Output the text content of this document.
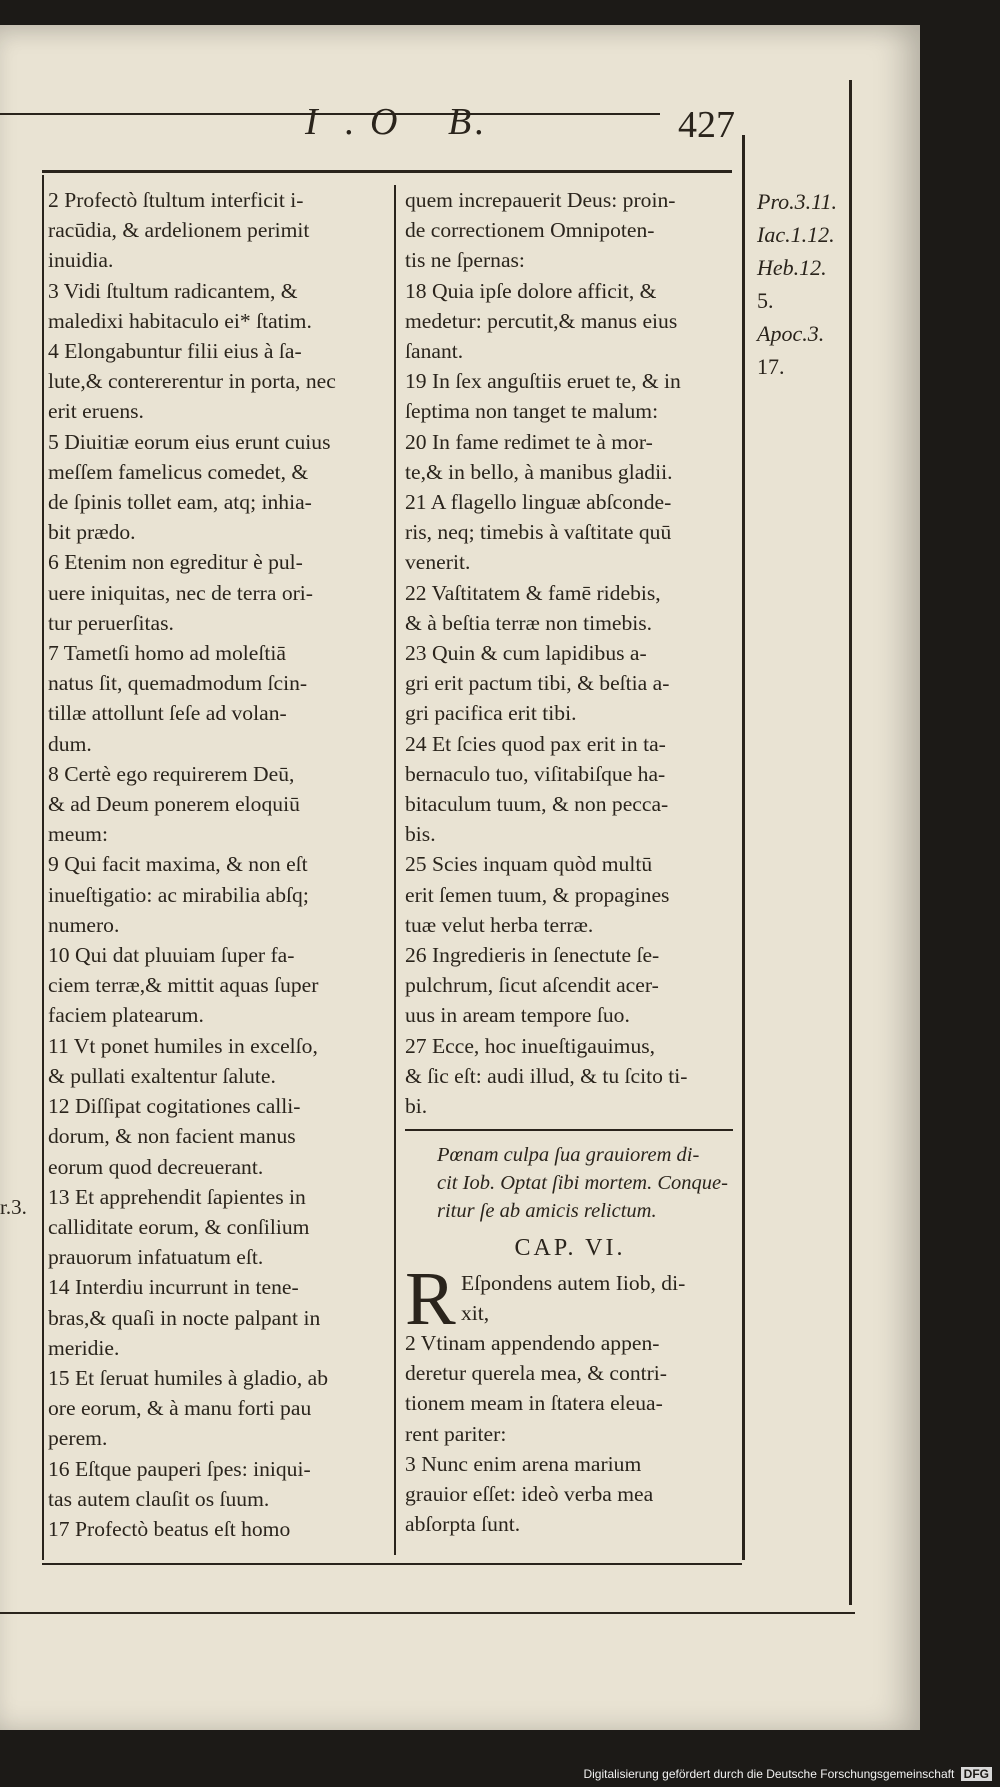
I . O B .	427
r.3.

2 Profectò ſtultum interficit i-

racūdia, & ardelionem perimit

inuidia.

3 Vidi ſtultum radicantem, &

maledixi habitaculo ei* ſtatim.

4 Elongabuntur filii eius à ſa-

lute,& contererentur in porta, nec

erit eruens.

5 Diuitiæ eorum eius erunt cuius

meſſem famelicus comedet, &

de ſpinis tollet eam, atq; inhia-

bit prædo.

6 Etenim non egreditur è pul-

uere iniquitas, nec de terra ori-

tur peruerſitas.

7 Tametſi homo ad moleſtiā

natus ſit, quemadmodum ſcin-

tillæ attollunt ſeſe ad volan-

dum.

8 Certè ego requirerem Deū,

& ad Deum ponerem eloquiū

meum:

9 Qui facit maxima, & non eſt

inueſtigatio: ac mirabilia abſq;

numero.

10 Qui dat pluuiam ſuper fa-

ciem terræ,& mittit aquas ſuper

faciem platearum.

11 Vt ponet humiles in excelſo,

& pullati exaltentur ſalute.

12 Diſſipat cogitationes calli-

dorum, & non facient manus

eorum quod decreuerant.

13 Et apprehendit ſapientes in

calliditate eorum, & conſilium

prauorum infatuatum eſt.

14 Interdiu incurrunt in tene-

bras,& quaſi in nocte palpant in

meridie.

15 Et ſeruat humiles à gladio, ab

ore eorum, & à manu forti pau

perem.

16 Eſtque pauperi ſpes: iniqui-

tas autem clauſit os ſuum.

17 Profectò beatus eſt homo

quem increpauerit Deus: proin-

de correctionem Omnipoten-

tis ne ſpernas:

18 Quia ipſe dolore afficit, &

medetur: percutit,& manus eius

ſanant.

19 In ſex anguſtiis eruet te, & in

ſeptima non tanget te malum:

20 In fame redimet te à mor-

te,& in bello, à manibus gladii.

21 A flagello linguæ abſconde-

ris, neq; timebis à vaſtitate quū

venerit.

22 Vaſtitatem & famē ridebis,

& à beſtia terræ non timebis.

23 Quin & cum lapidibus a-

gri erit pactum tibi, & beſtia a-

gri pacifica erit tibi.

24 Et ſcies quod pax erit in ta-

bernaculo tuo, viſitabiſque ha-

bitaculum tuum, & non pecca-

bis.

25 Scies inquam quòd multū

erit ſemen tuum, & propagines

tuæ velut herba terræ.

26 Ingredieris in ſenectute ſe-

pulchrum, ſicut aſcendit acer-

uus in aream tempore ſuo.

27 Ecce, hoc inueſtigauimus,

& ſic eſt: audi illud, & tu ſcito ti-

bi.

Pœnam culpa ſua grauiorem di-
cit Iob. Optat ſibi mortem. Conque-
ritur ſe ab amicis relictum.

CAP. VI.

R Eſpondens autem Iiob, di-

xit,

2 Vtinam appendendo appen-

deretur querela mea, & contri-

tionem meam in ſtatera eleua-

rent pariter:

3 Nunc enim arena marium

grauior eſſet: ideò verba mea

abſorpta ſunt.

Pro.3.11.
Iac.1.12.
Heb.12.
5.
Apoc.3.
17.
Digitalisierung gefördert durch die Deutsche Forschungsgemeinschaft DFG
